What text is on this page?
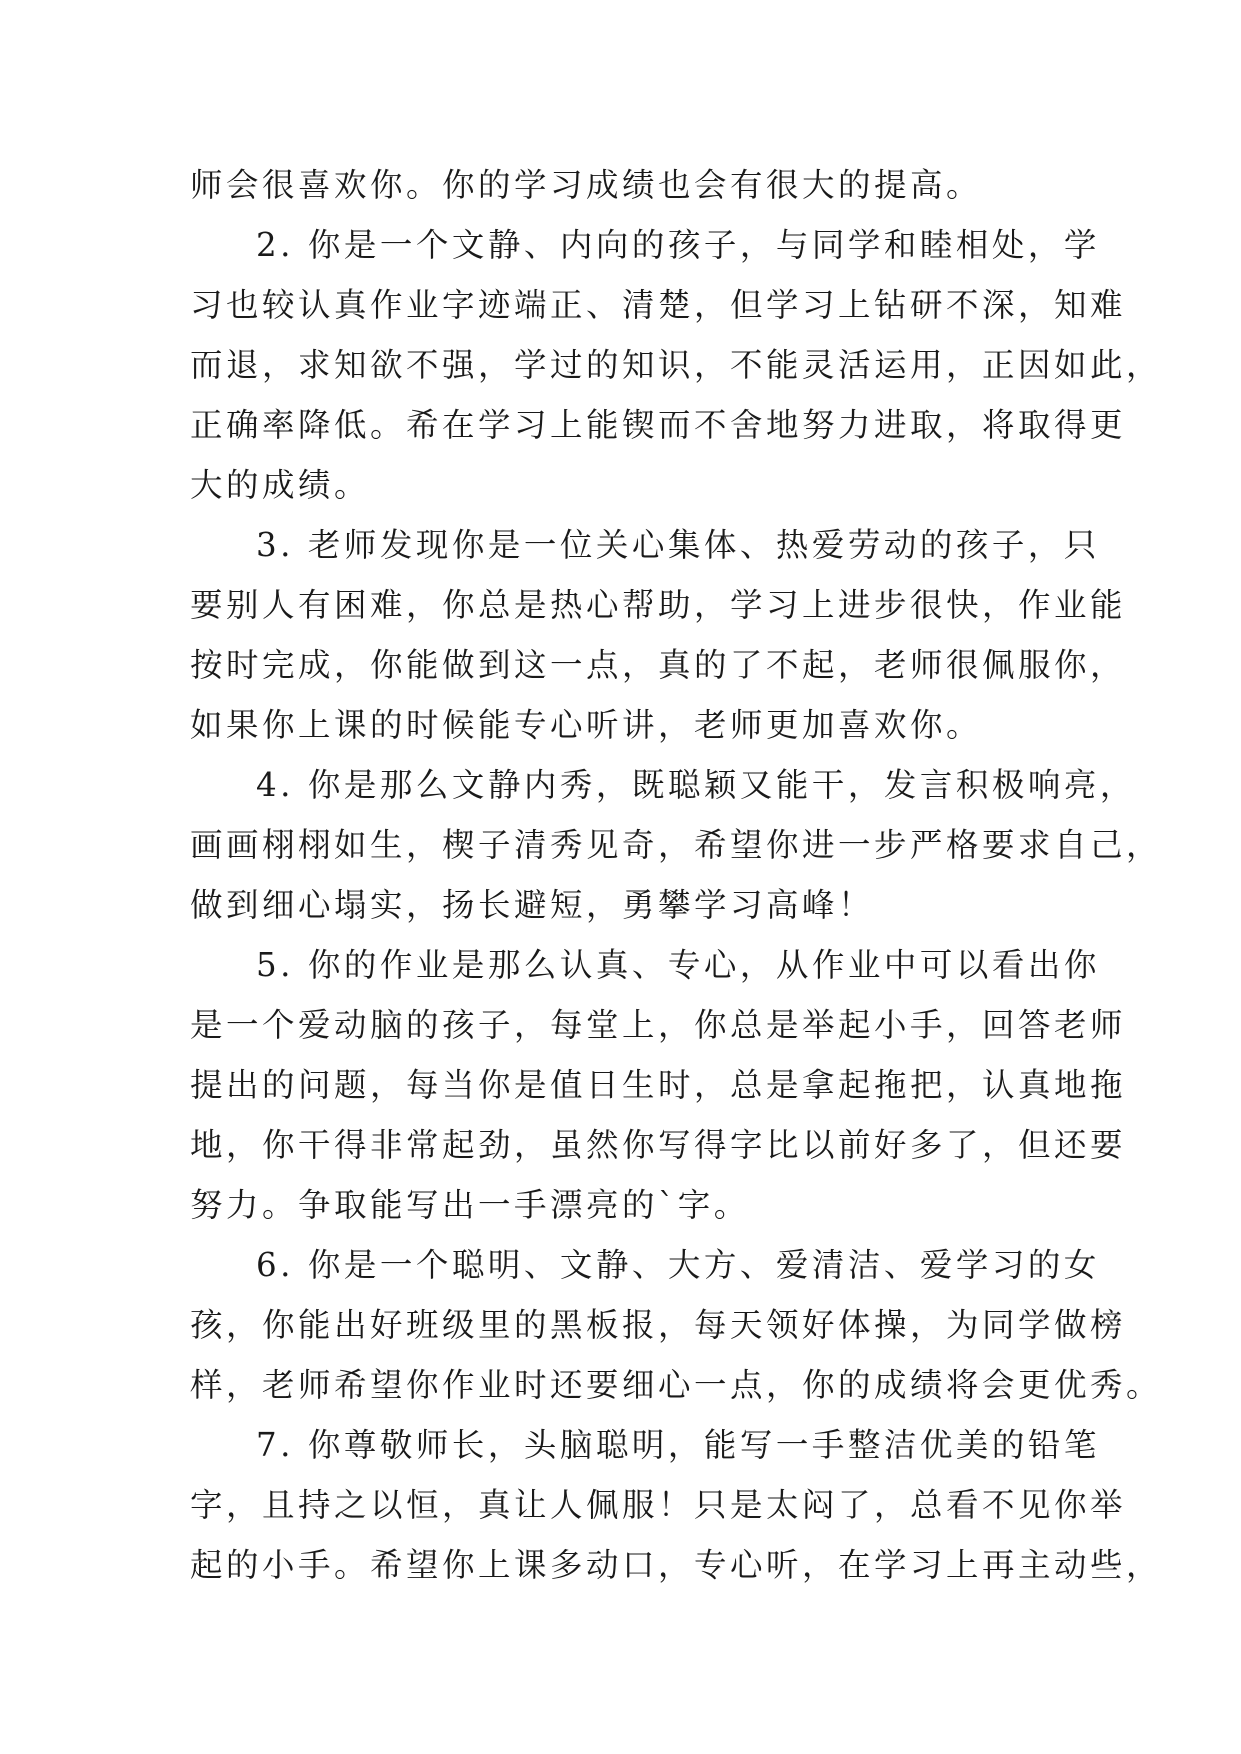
师会很喜欢你。你的学习成绩也会有很大的提高。
2. 你是一个文静、内向的孩子，与同学和睦相处，学
习也较认真作业字迹端正、清楚，但学习上钻研不深，知难
而退，求知欲不强，学过的知识，不能灵活运用，正因如此，
正确率降低。希在学习上能锲而不舍地努力进取，将取得更
大的成绩。
3. 老师发现你是一位关心集体、热爱劳动的孩子，只
要别人有困难，你总是热心帮助，学习上进步很快，作业能
按时完成，你能做到这一点，真的了不起，老师很佩服你，
如果你上课的时候能专心听讲，老师更加喜欢你。
4. 你是那么文静内秀，既聪颖又能干，发言积极响亮，
画画栩栩如生，楔子清秀见奇，希望你进一步严格要求自己，
做到细心塌实，扬长避短，勇攀学习高峰！
5. 你的作业是那么认真、专心，从作业中可以看出你
是一个爱动脑的孩子，每堂上，你总是举起小手，回答老师
提出的问题，每当你是值日生时，总是拿起拖把，认真地拖
地，你干得非常起劲，虽然你写得字比以前好多了，但还要
努力。争取能写出一手漂亮的`字。
6. 你是一个聪明、文静、大方、爱清洁、爱学习的女
孩，你能出好班级里的黑板报，每天领好体操，为同学做榜
样，老师希望你作业时还要细心一点，你的成绩将会更优秀。
7. 你尊敬师长，头脑聪明，能写一手整洁优美的铅笔
字，且持之以恒，真让人佩服！只是太闷了，总看不见你举
起的小手。希望你上课多动口，专心听，在学习上再主动些，
